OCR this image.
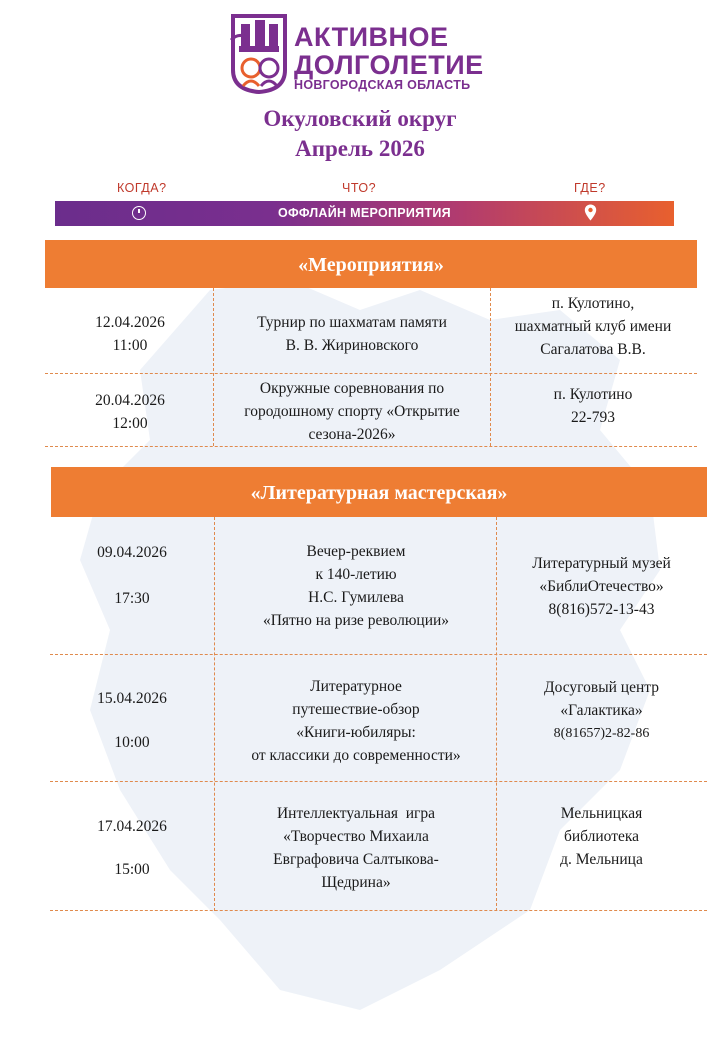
АКТИВНОЕ
ДОЛГОЛЕТИЕ
НОВГОРОДСКАЯ ОБЛАСТЬ
Окуловский округ
Апрель 2026
КОГДА?	ЧТО?	ГДЕ?
ОФФЛАЙН МЕРОПРИЯТИЯ
«Мероприятия»
12.04.2026
11:00
Турнир по шахматам памяти
В. В. Жириновского
п. Кулотино,
шахматный клуб имени
Сагалатова В.В.
20.04.2026
12:00
Окружные соревнования по
городошному спорту «Открытие
сезона-2026»
п. Кулотино
22-793
«Литературная мастерская»
09.04.2026
17:30
Вечер-реквием
к 140-летию
Н.С. Гумилева
«Пятно на ризе революции»
Литературный музей
«БиблиОтечество»
8(816)572-13-43
15.04.2026
10:00
Литературное
путешествие-обзор
«Книги-юбиляры:
от классики до современности»
Досуговый центр
«Галактика»
8(81657)2-82-86
17.04.2026
15:00
Интеллектуальная  игра
«Творчество Михаила
Евграфовича Салтыкова-
Щедрина»
Мельницкая
библиотека
д. Мельница
